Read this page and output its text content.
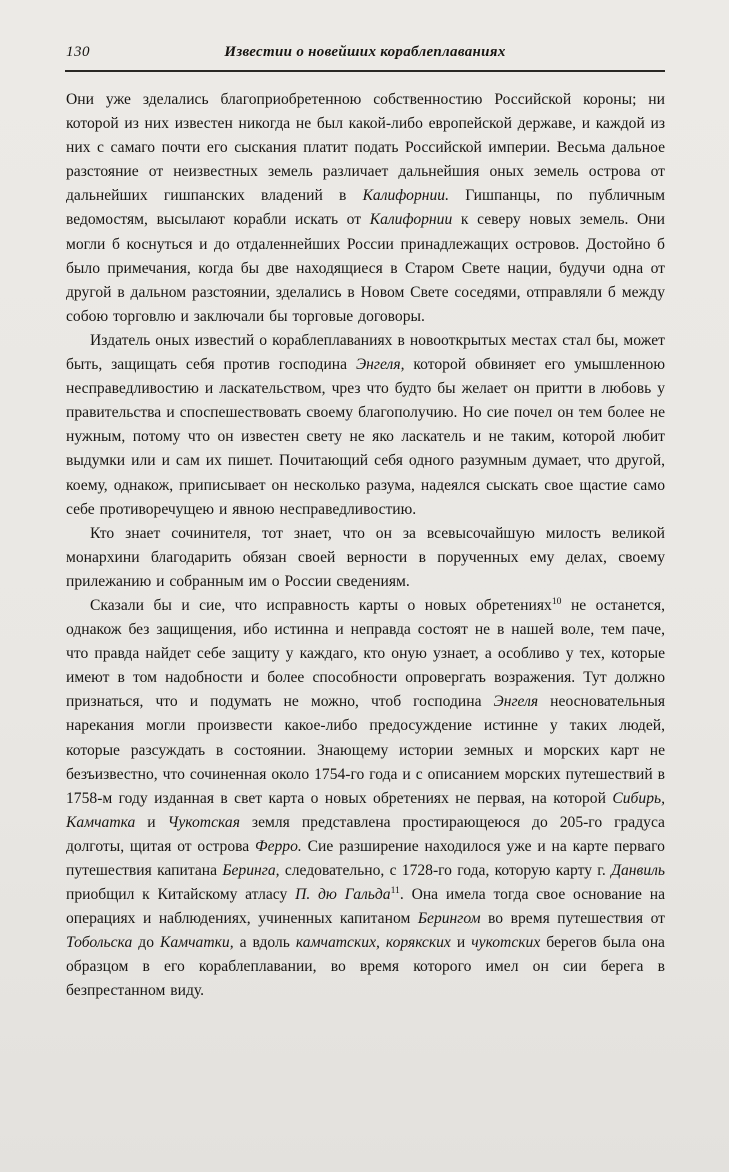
130	Известии о новейших кораблеплаваниях

Они уже зделались благоприобретенною собственностию Российской короны; ни которой из них известен никогда не был какой-либо европейской державе, и каждой из них с самаго почти его сыскания платит подать Российской империи. Весьма дальное разстояние от неизвестных земель различает дальнейшия оных земель острова от дальнейших гишпанских владений в Калифорнии. Гишпанцы, по публичным ведомостям, высылают корабли искать от Калифорнии к северу новых земель. Они могли б коснуться и до отдаленнейших России принадлежащих островов. Достойно б было примечания, когда бы две находящиеся в Старом Свете нации, будучи одна от другой в дальном разстоянии, зделались в Новом Свете соседями, отправляли б между собою торговлю и заключали бы торговые договоры.

Издатель оных известий о кораблеплаваниях в новооткрытых местах стал бы, может быть, защищать себя против господина Энгеля, которой обвиняет его умышленною несправедливостию и ласкательством, чрез что будто бы желает он притти в любовь у правительства и споспешествовать своему благополучию. Но сие почел он тем более не нужным, потому что он известен свету не яко ласкатель и не таким, которой любит выдумки или и сам их пишет. Почитающий себя одного разумным думает, что другой, коему, однакож, приписывает он несколько разума, надеялся сыскать свое щастие само себе противоречущею и явною несправедливостию.

Кто знает сочинителя, тот знает, что он за всевысочайшую милость великой монархини благодарить обязан своей верности в порученных ему делах, своему прилежанию и собранным им о России сведениям.

Сказали бы и сие, что исправность карты о новых обретениях$^{10}$ не останется, однакож без защищения, ибо истинна и неправда состоят не в нашей воле, тем паче, что правда найдет себе защиту у каждаго, кто оную узнает, а особливо у тех, которые имеют в том надобности и более способности опровергать возражения. Тут должно признаться, что и подумать не можно, чтоб господина Энгеля неосновательныя нарекания могли произвести какое-либо предосуждение истинне у таких людей, которые разсуждать в состоянии. Знающему истории земных и морских карт не безъизвестно, что сочиненная около 1754-го года и с описанием морских путешествий в 1758-м году изданная в свет карта о новых обретениях не первая, на которой Сибирь, Камчатка и Чукотская земля представлена простирающеюся до 205-го градуса долготы, щитая от острова Ферро. Сие разширение находилося уже и на карте перваго путешествия капитана Беринга, следовательно, с 1728-го года, которую карту г. Данвиль приобщил к Китайскому атласу П. дю Гальда$^{11}$. Она имела тогда свое основание на операциях и наблюдениях, учиненных капитаном Берингом во время путешествия от Тобольска до Камчатки, а вдоль камчатских, корякских и чукотских берегов была она образцом в его кораблеплавании, во время которого имел он сии берега в безпрестанном виду.
